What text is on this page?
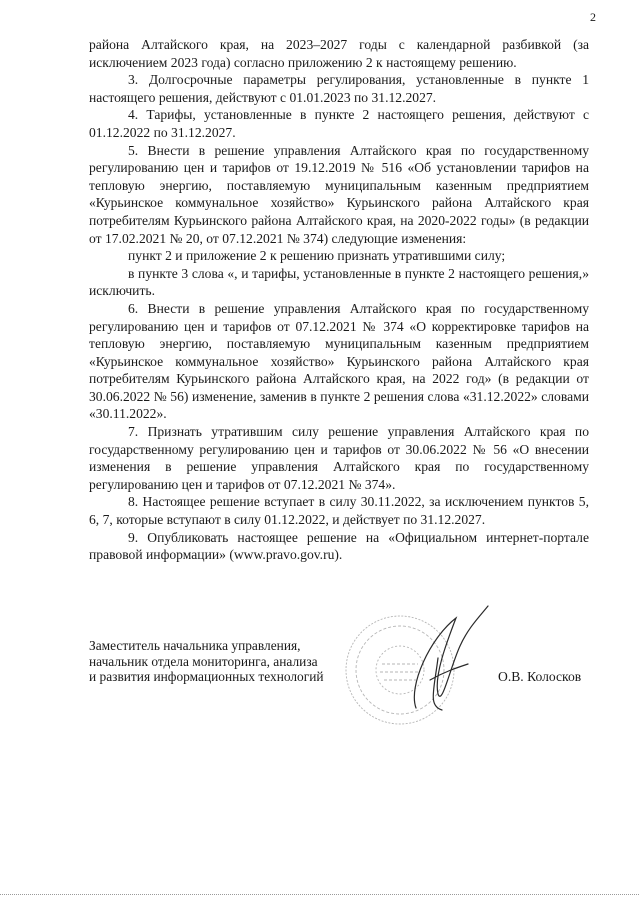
2

района Алтайского края, на 2023–2027 годы с календарной разбивкой (за исключением 2023 года) согласно приложению 2 к настоящему решению.

3. Долгосрочные параметры регулирования, установленные в пункте 1 настоящего решения, действуют с 01.01.2023 по 31.12.2027.

4. Тарифы, установленные в пункте 2 настоящего решения, действуют с 01.12.2022 по 31.12.2027.

5. Внести в решение управления Алтайского края по государственному регулированию цен и тарифов от 19.12.2019 № 516 «Об установлении тарифов на тепловую энергию, поставляемую муниципальным казенным предприятием «Курьинское коммунальное хозяйство» Курьинского района Алтайского края потребителям Курьинского района Алтайского края, на 2020-2022 годы» (в редакции от 17.02.2021 № 20, от 07.12.2021 № 374) следующие изменения:

пункт 2 и приложение 2 к решению признать утратившими силу;

в пункте 3 слова «, и тарифы, установленные в пункте 2 настоящего решения,» исключить.

6. Внести в решение управления Алтайского края по государственному регулированию цен и тарифов от 07.12.2021 № 374 «О корректировке тарифов на тепловую энергию, поставляемую муниципальным казенным предприятием «Курьинское коммунальное хозяйство» Курьинского района Алтайского края потребителям Курьинского района Алтайского края, на 2022 год» (в редакции от 30.06.2022 № 56) изменение, заменив в пункте 2 решения слова «31.12.2022» словами «30.11.2022».

7. Признать утратившим силу решение управления Алтайского края по государственному регулированию цен и тарифов от 30.06.2022 № 56 «О внесении изменения в решение управления Алтайского края по государственному регулированию цен и тарифов от 07.12.2021 № 374».

8. Настоящее решение вступает в силу 30.11.2022, за исключением пунктов 5, 6, 7, которые вступают в силу 01.12.2022, и действует по 31.12.2027.

9. Опубликовать настоящее решение на «Официальном интернет-портале правовой информации» (www.pravo.gov.ru).

Заместитель начальника управления,
начальник отдела мониторинга, анализа
и развития информационных технологий	О.В. Колосков
